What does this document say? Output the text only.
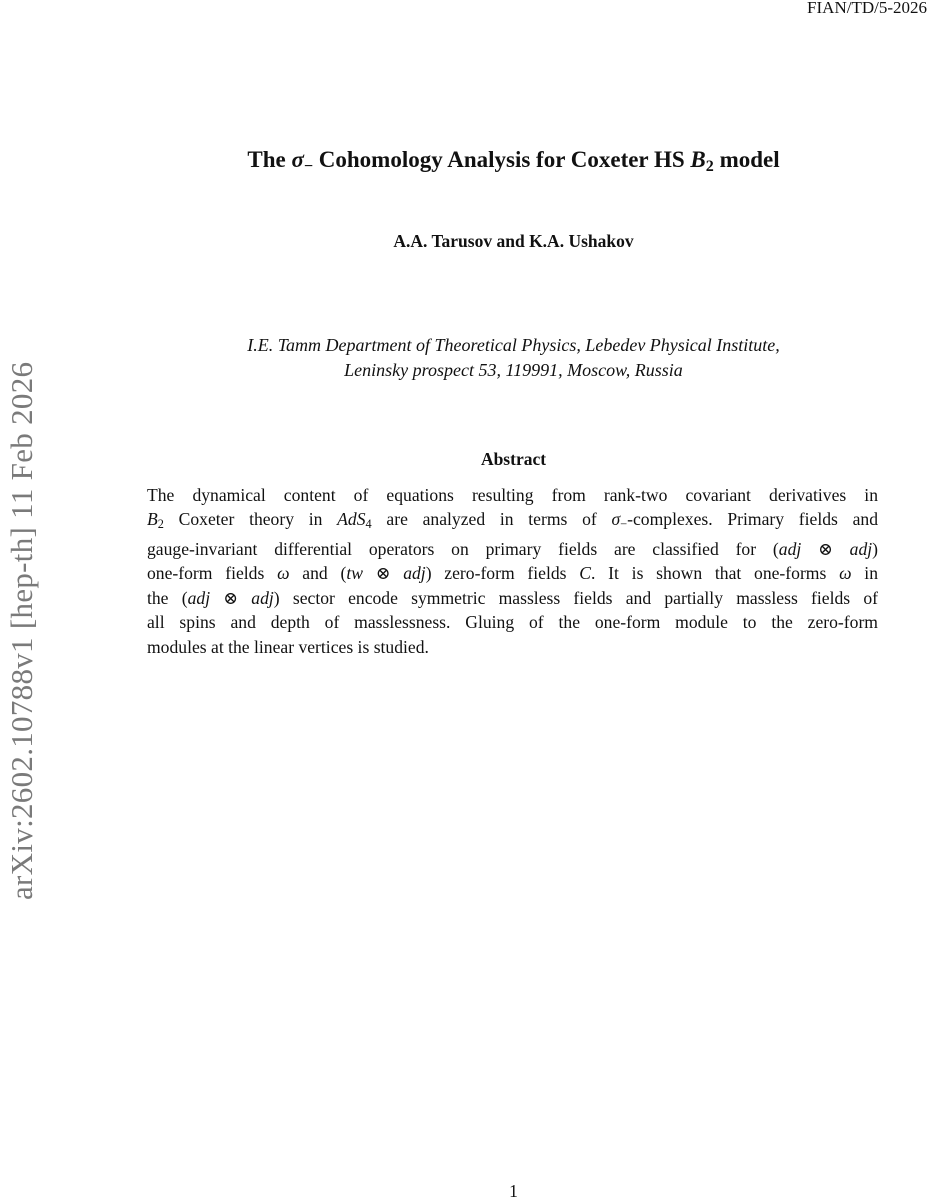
FIAN/TD/5-2026
arXiv:2602.10788v1 [hep-th] 11 Feb 2026
The $\sigma_-$ Cohomology Analysis for Coxeter HS $B_2$ model
A.A. Tarusov and K.A. Ushakov
I.E. Tamm Department of Theoretical Physics, Lebedev Physical Institute,
Leninsky prospect 53, 119991, Moscow, Russia
Abstract
The dynamical content of equations resulting from rank-two covariant derivatives in
$B_2$ Coxeter theory in AdS$_4$ are analyzed in terms of $\sigma_-$-complexes. Primary fields and
gauge-invariant differential operators on primary fields are classified for (adj ⊗ adj)
one-form fields ω and (tw ⊗ adj) zero-form fields C. It is shown that one-forms ω in
the (adj ⊗ adj) sector encode symmetric massless fields and partially massless fields of
all spins and depth of masslessness. Gluing of the one-form module to the zero-form
modules at the linear vertices is studied.
1
